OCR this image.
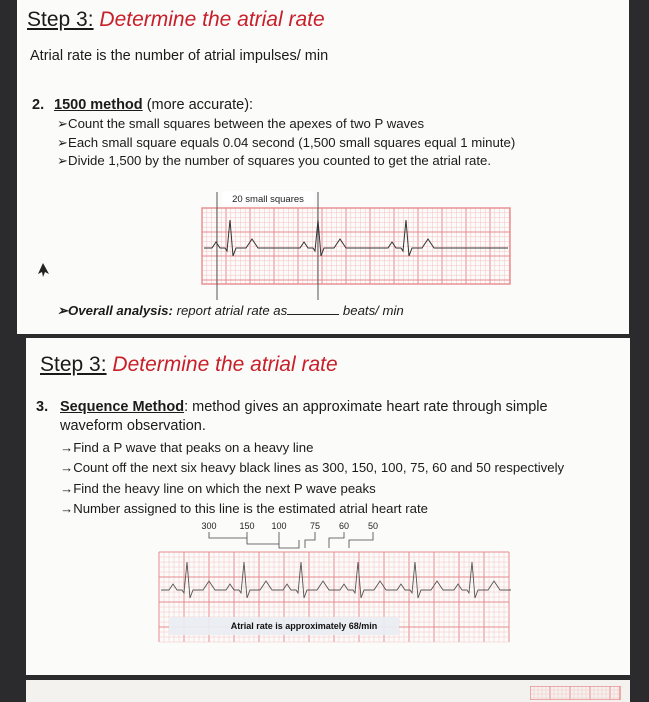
Step 3: Determine the atrial rate
Atrial rate is the number of atrial impulses/ min
2. 1500 method (more accurate):
➢Count the small squares between the apexes of two P waves
➢Each small square equals 0.04 second (1,500 small squares equal 1 minute)
➢Divide 1,500 by the number of squares you counted to get the atrial rate.
20 small squares
➢Overall analysis: report atrial rate as	beats/ min
Step 3: Determine the atrial rate
3. Sequence Method: method gives an approximate heart rate through simple
waveform observation.
→Find a P wave that peaks on a heavy line
→Count off the next six heavy black lines as 300, 150, 100, 75, 60 and 50 respectively
→Find the heavy line on which the next P wave peaks
→Number assigned to this line is the estimated atrial heart rate
300	150 100	75 60 50
Atrial rate is approximately 68/min
